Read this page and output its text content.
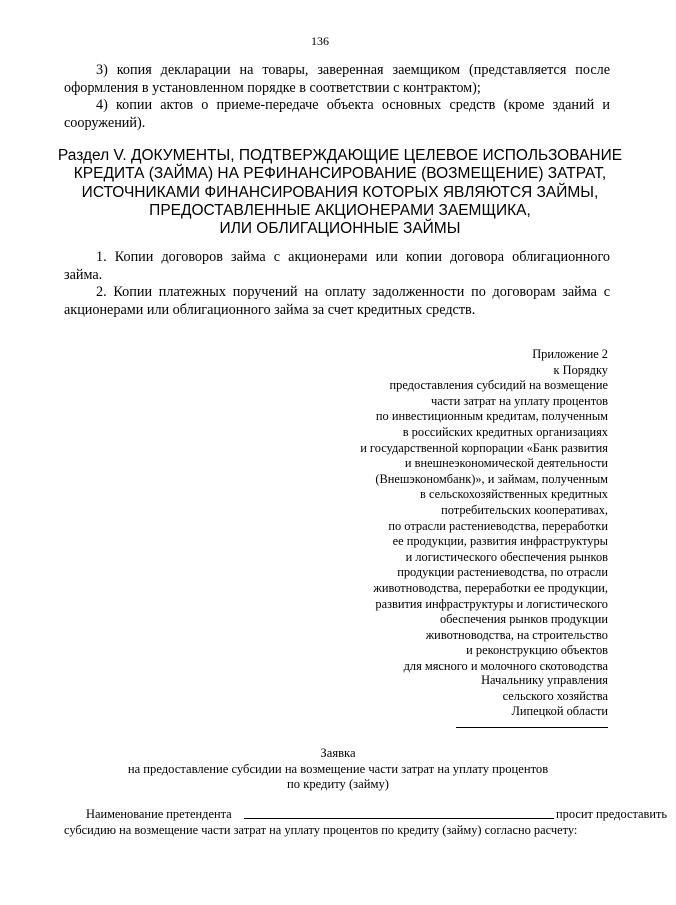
136

3) копия декларации на товары, заверенная заемщиком (представляется после оформления в установленном порядке в соответствии с контрактом);

4) копии актов о приеме-передаче объекта основных средств (кроме зданий и сооружений).

Раздел V. ДОКУМЕНТЫ, ПОДТВЕРЖДАЮЩИЕ ЦЕЛЕВОЕ ИСПОЛЬЗОВАНИЕ
КРЕДИТА (ЗАЙМА) НА РЕФИНАНСИРОВАНИЕ (ВОЗМЕЩЕНИЕ) ЗАТРАТ,
ИСТОЧНИКАМИ ФИНАНСИРОВАНИЯ КОТОРЫХ ЯВЛЯЮТСЯ ЗАЙМЫ,
ПРЕДОСТАВЛЕННЫЕ АКЦИОНЕРАМИ ЗАЕМЩИКА,
ИЛИ ОБЛИГАЦИОННЫЕ ЗАЙМЫ

1. Копии договоров займа с акционерами или копии договора облигационного займа.

2. Копии платежных поручений на оплату задолженности по договорам займа с акционерами или облигационного займа за счет кредитных средств.

Приложение 2
к Порядку
предоставления субсидий на возмещение
части затрат на уплату процентов
по инвестиционным кредитам, полученным
в российских кредитных организациях
и государственной корпорации «Банк развития
и внешнеэкономической деятельности
(Внешэкономбанк)», и займам, полученным
в сельскохозяйственных кредитных
потребительских кооперативах,
по отрасли растениеводства, переработки
ее продукции, развития инфраструктуры
и логистического обеспечения рынков
продукции растениеводства, по отрасли
животноводства, переработки ее продукции,
развития инфраструктуры и логистического
обеспечения рынков продукции
животноводства, на строительство
и реконструкцию объектов
для мясного и молочного скотоводства
Начальнику управления
сельского хозяйства
Липецкой области
Заявка
на предоставление субсидии на возмещение части затрат на уплату процентов
по кредиту (займу)
Наименование претендента	просит предоставить
субсидию на возмещение части затрат на уплату процентов по кредиту (займу) согласно расчету:
